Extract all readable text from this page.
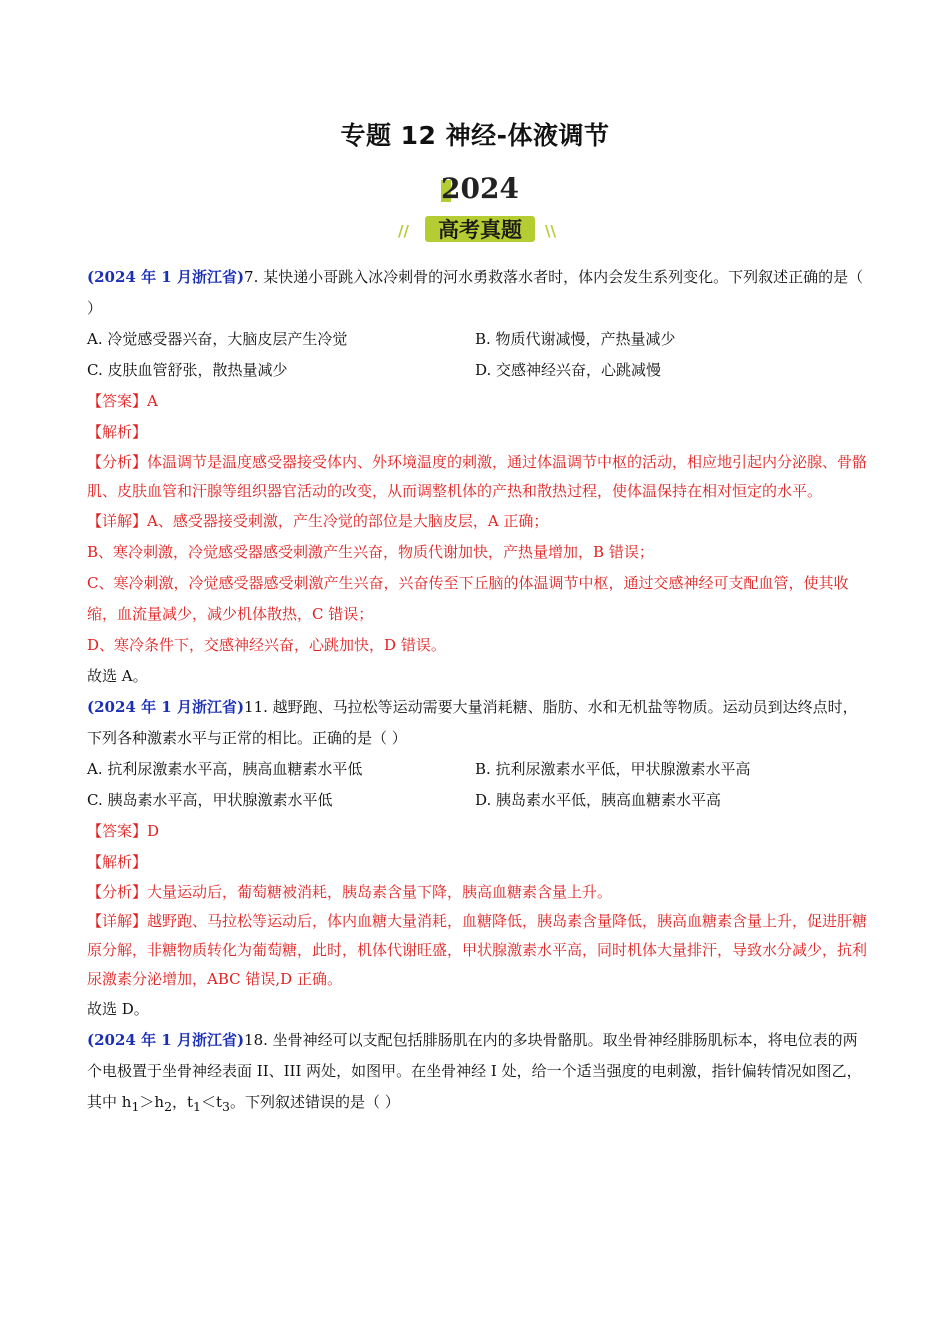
专题 12 神经-体液调节
2024
//	高考真题	\\

(2024 年 1 月浙江省)7. 某快递小哥跳入冰冷刺骨的河水勇救落水者时，体内会发生系列变化。下列叙述正确的是（ ）

A. 冷觉感受器兴奋，大脑皮层产生冷觉	B. 物质代谢减慢，产热量减少
C. 皮肤血管舒张，散热量减少	D. 交感神经兴奋，心跳减慢

【答案】A

【解析】

【分析】体温调节是温度感受器接受体内、外环境温度的刺激，通过体温调节中枢的活动，相应地引起内分泌腺、骨骼肌、皮肤血管和汗腺等组织器官活动的改变，从而调整机体的产热和散热过程，使体温保持在相对恒定的水平。

【详解】A、感受器接受刺激，产生冷觉的部位是大脑皮层，A 正确；

B、寒冷刺激，冷觉感受器感受刺激产生兴奋，物质代谢加快，产热量增加，B 错误；

C、寒冷刺激，冷觉感受器感受刺激产生兴奋，兴奋传至下丘脑的体温调节中枢，通过交感神经可支配血管，使其收缩，血流量减少，减少机体散热，C 错误；

D、寒冷条件下，交感神经兴奋，心跳加快，D 错误。

故选 A。

(2024 年 1 月浙江省)11. 越野跑、马拉松等运动需要大量消耗糖、脂肪、水和无机盐等物质。运动员到达终点时，下列各种激素水平与正常的相比。正确的是（ ）

A. 抗利尿激素水平高，胰高血糖素水平低	B. 抗利尿激素水平低，甲状腺激素水平高
C. 胰岛素水平高，甲状腺激素水平低	D. 胰岛素水平低，胰高血糖素水平高

【答案】D

【解析】

【分析】大量运动后，葡萄糖被消耗，胰岛素含量下降，胰高血糖素含量上升。

【详解】越野跑、马拉松等运动后，体内血糖大量消耗，血糖降低，胰岛素含量降低，胰高血糖素含量上升，促进肝糖原分解，非糖物质转化为葡萄糖，此时，机体代谢旺盛，甲状腺激素水平高，同时机体大量排汗，导致水分减少，抗利尿激素分泌增加，ABC 错误,D 正确。

故选 D。

(2024 年 1 月浙江省)18. 坐骨神经可以支配包括腓肠肌在内的多块骨骼肌。取坐骨神经腓肠肌标本，将电位表的两个电极置于坐骨神经表面 II、III 两处，如图甲。在坐骨神经 I 处，给一个适当强度的电刺激，指针偏转情况如图乙，其中 $h_1>h_2$，$t_1<t_3$。下列叙述错误的是（ ）
